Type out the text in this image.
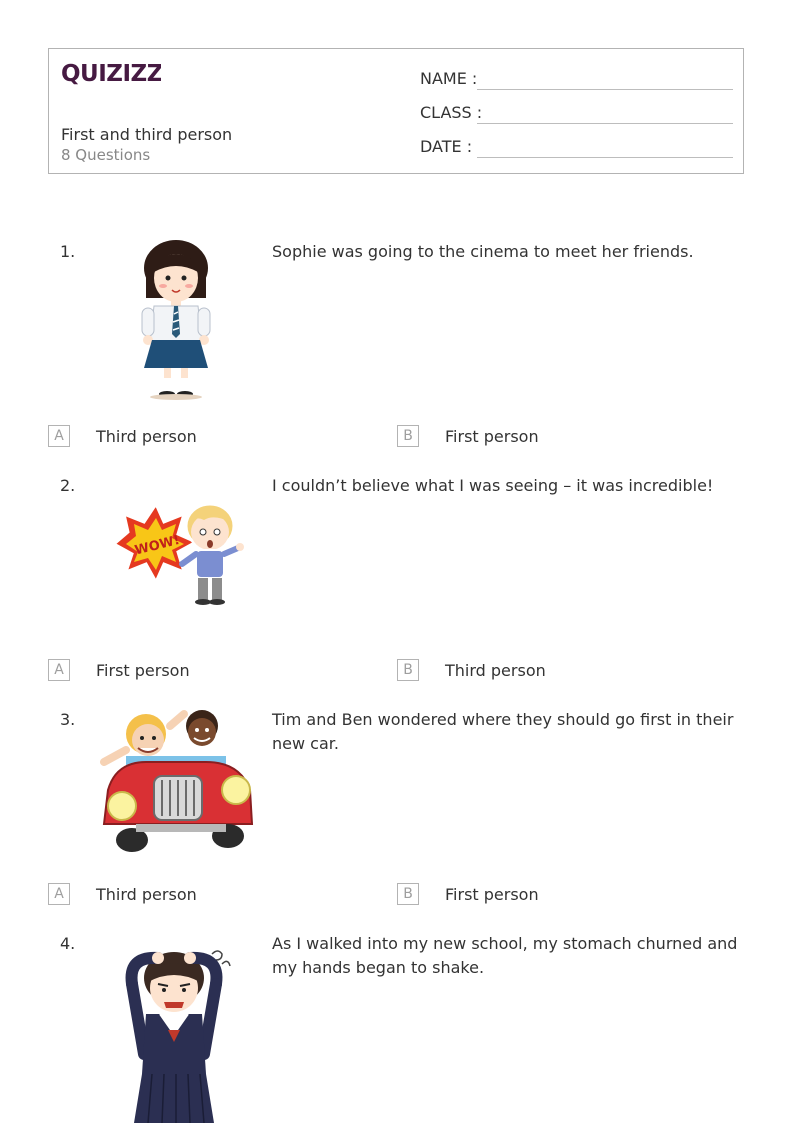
QUIZIZZ
First and third person
8 Questions
NAME :
CLASS :
DATE :
1.	Sophie was going to the cinema to meet her friends.
A	Third person	B	First person
2.
WOW!
I couldn’t believe what I was seeing – it was incredible!
A	First person	B	Third person
3.	Tim and Ben wondered where they should go first in their new car.
A	Third person	B	First person
4.	As I walked into my new school, my stomach churned and my hands began to shake.
